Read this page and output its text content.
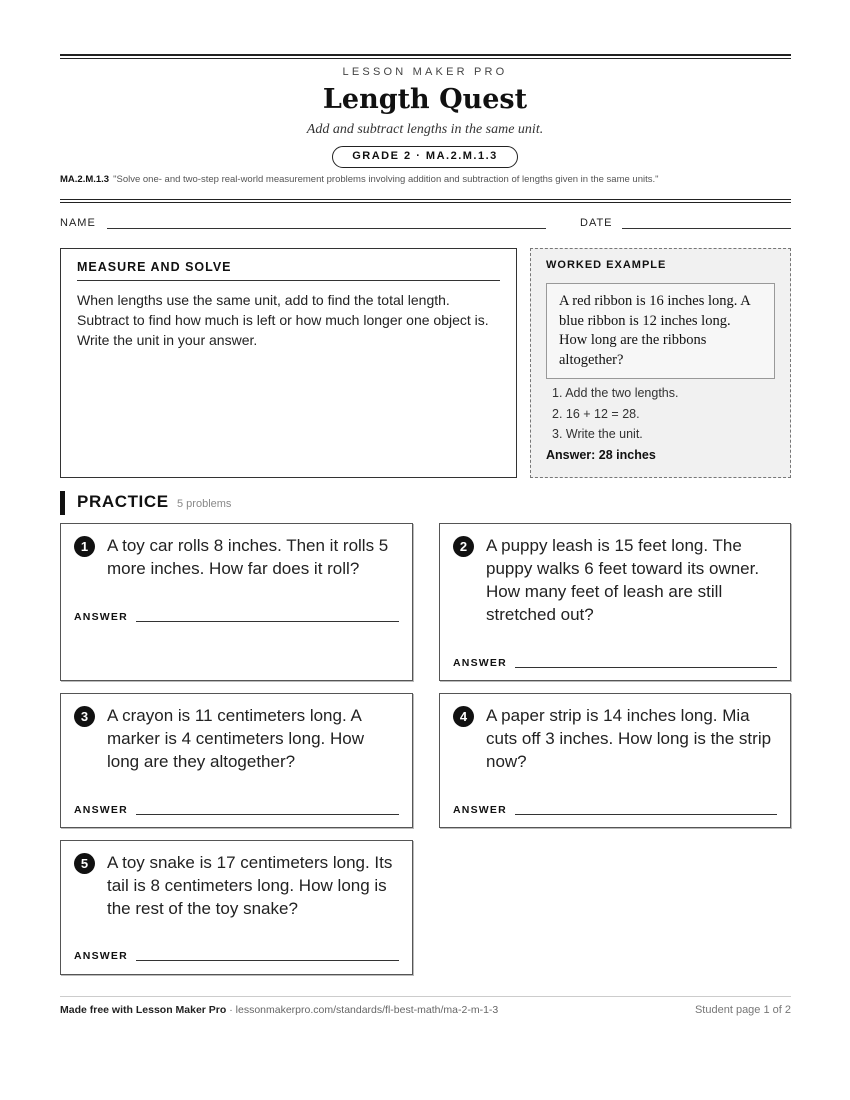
LESSON MAKER PRO
Length Quest
Add and subtract lengths in the same unit.
GRADE 2 · MA.2.M.1.3
MA.2.M.1.3 "Solve one- and two-step real-world measurement problems involving addition and subtraction of lengths given in the same units."
NAME	DATE
MEASURE AND SOLVE

When lengths use the same unit, add to find the total length. Subtract to find how much is left or how much longer one object is. Write the unit in your answer.

WORKED EXAMPLE
A red ribbon is 16 inches long. A blue ribbon is 12 inches long. How long are the ribbons altogether?
1. Add the two lengths.
2. 16 + 12 = 28.
3. Write the unit.
Answer: 28 inches
PRACTICE 5 problems
1	A toy car rolls 8 inches. Then it rolls 5 more inches. How far does it roll?
ANSWER
2	A puppy leash is 15 feet long. The puppy walks 6 feet toward its owner. How many feet of leash are still stretched out?
ANSWER
3	A crayon is 11 centimeters long. A marker is 4 centimeters long. How long are they altogether?
ANSWER
4	A paper strip is 14 inches long. Mia cuts off 3 inches. How long is the strip now?
ANSWER
5	A toy snake is 17 centimeters long. Its tail is 8 centimeters long. How long is the rest of the toy snake?
ANSWER
Made free with Lesson Maker Pro · lessonmakerpro.com/standards/fl-best-math/ma-2-m-1-3	Student page 1 of 2
